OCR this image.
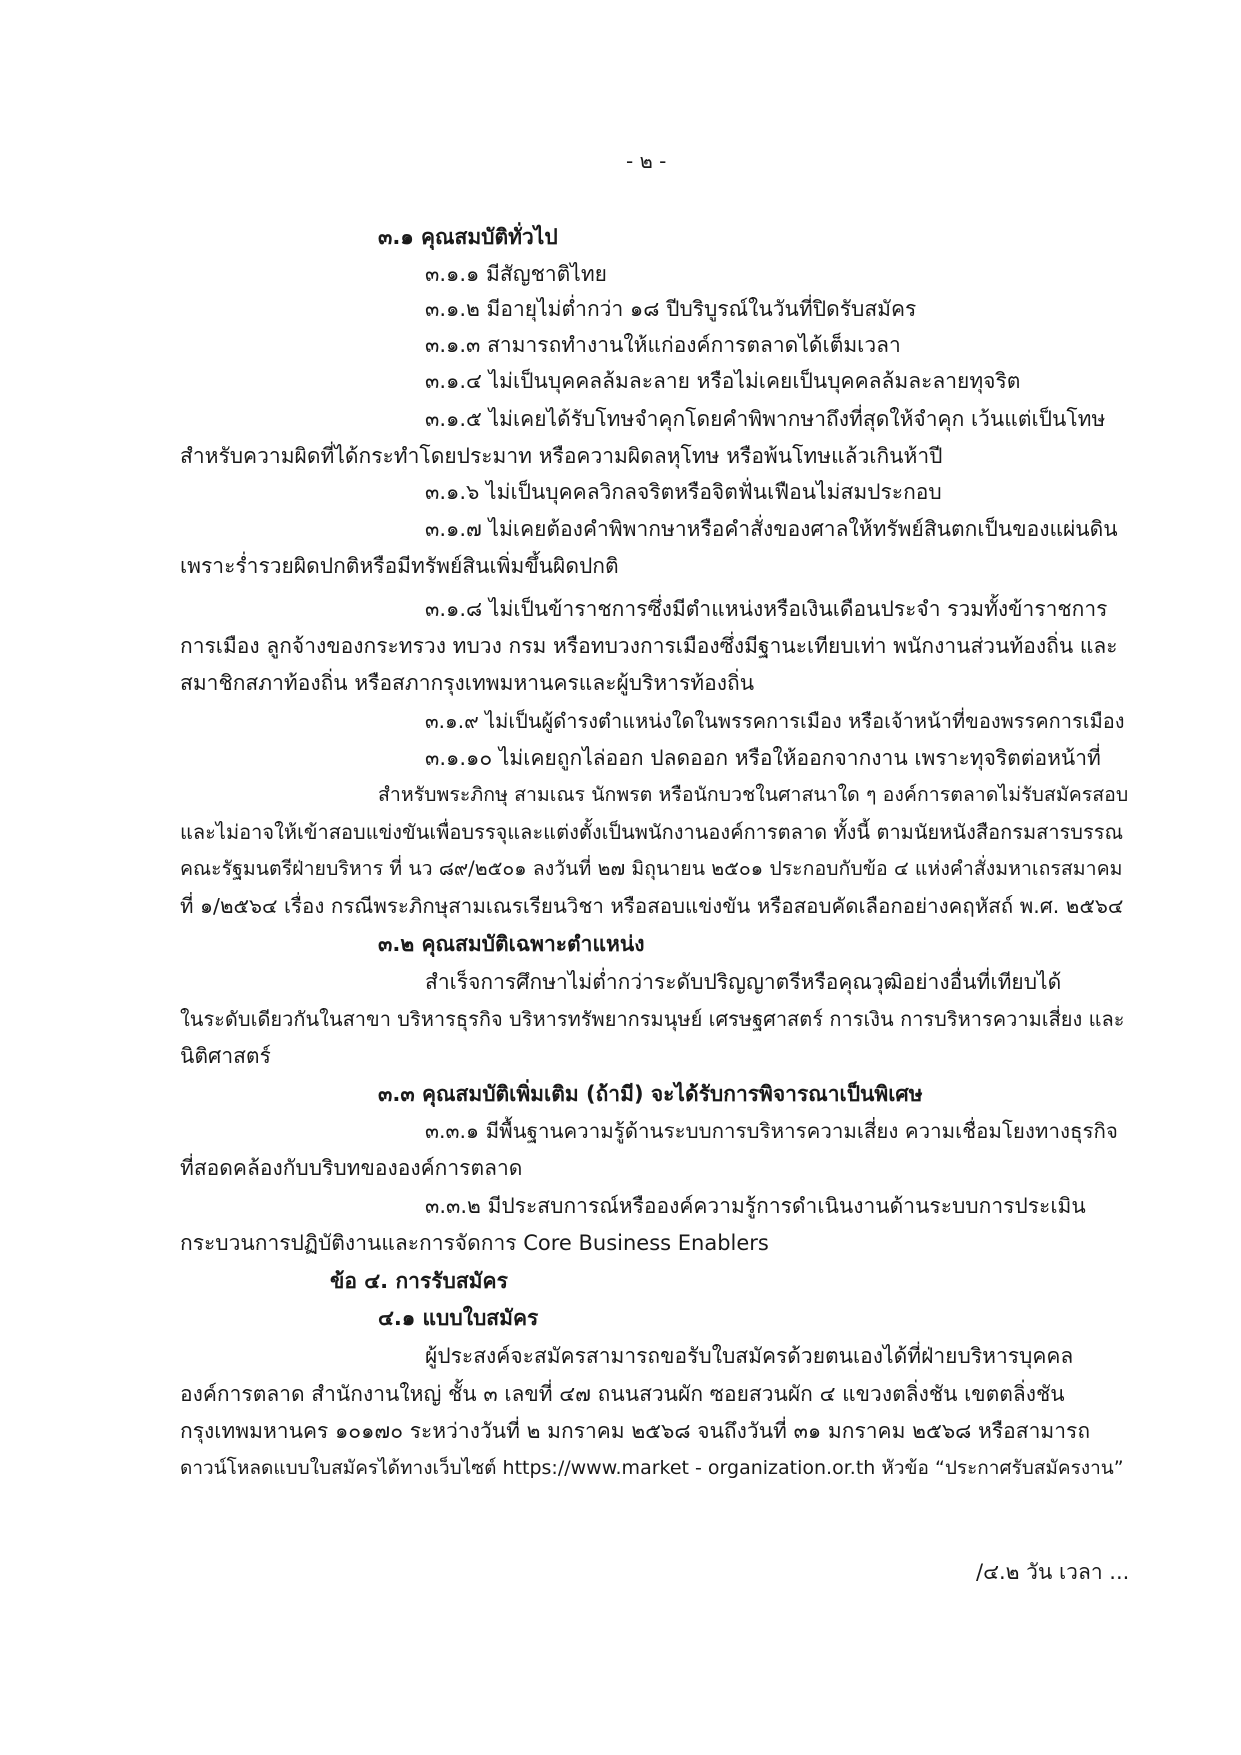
- ๒ -
๓.๑ คุณสมบัติทั่วไป
๓.๑.๑ มีสัญชาติไทย
๓.๑.๒ มีอายุไม่ต่ำกว่า ๑๘ ปีบริบูรณ์ในวันที่ปิดรับสมัคร
๓.๑.๓ สามารถทำงานให้แก่องค์การตลาดได้เต็มเวลา
๓.๑.๔ ไม่เป็นบุคคลล้มละลาย หรือไม่เคยเป็นบุคคลล้มละลายทุจริต
๓.๑.๕ ไม่เคยได้รับโทษจำคุกโดยคำพิพากษาถึงที่สุดให้จำคุก เว้นแต่เป็นโทษ
สำหรับความผิดที่ได้กระทำโดยประมาท หรือความผิดลหุโทษ หรือพ้นโทษแล้วเกินห้าปี
๓.๑.๖ ไม่เป็นบุคคลวิกลจริตหรือจิตฟั่นเฟือนไม่สมประกอบ
๓.๑.๗ ไม่เคยต้องคำพิพากษาหรือคำสั่งของศาลให้ทรัพย์สินตกเป็นของแผ่นดิน
เพราะร่ำรวยผิดปกติหรือมีทรัพย์สินเพิ่มขึ้นผิดปกติ
๓.๑.๘ ไม่เป็นข้าราชการซึ่งมีตำแหน่งหรือเงินเดือนประจำ รวมทั้งข้าราชการ
การเมือง ลูกจ้างของกระทรวง ทบวง กรม หรือทบวงการเมืองซึ่งมีฐานะเทียบเท่า พนักงานส่วนท้องถิ่น และ
สมาชิกสภาท้องถิ่น หรือสภากรุงเทพมหานครและผู้บริหารท้องถิ่น
๓.๑.๙ ไม่เป็นผู้ดำรงตำแหน่งใดในพรรคการเมือง หรือเจ้าหน้าที่ของพรรคการเมือง
๓.๑.๑๐ ไม่เคยถูกไล่ออก ปลดออก หรือให้ออกจากงาน เพราะทุจริตต่อหน้าที่
สำหรับพระภิกษุ สามเณร นักพรต หรือนักบวชในศาสนาใด ๆ องค์การตลาดไม่รับสมัครสอบ
และไม่อาจให้เข้าสอบแข่งขันเพื่อบรรจุและแต่งตั้งเป็นพนักงานองค์การตลาด ทั้งนี้ ตามนัยหนังสือกรมสารบรรณ
คณะรัฐมนตรีฝ่ายบริหาร ที่ นว ๘๙/๒๕๐๑ ลงวันที่ ๒๗ มิถุนายน ๒๕๐๑ ประกอบกับข้อ ๔ แห่งคำสั่งมหาเถรสมาคม
ที่ ๑/๒๕๖๔ เรื่อง กรณีพระภิกษุสามเณรเรียนวิชา หรือสอบแข่งขัน หรือสอบคัดเลือกอย่างคฤหัสถ์ พ.ศ. ๒๕๖๔
๓.๒ คุณสมบัติเฉพาะตำแหน่ง
สำเร็จการศึกษาไม่ต่ำกว่าระดับปริญญาตรีหรือคุณวุฒิอย่างอื่นที่เทียบได้
ในระดับเดียวกันในสาขา บริหารธุรกิจ บริหารทรัพยากรมนุษย์ เศรษฐศาสตร์ การเงิน การบริหารความเสี่ยง และ
นิติศาสตร์
๓.๓ คุณสมบัติเพิ่มเติม (ถ้ามี) จะได้รับการพิจารณาเป็นพิเศษ
๓.๓.๑ มีพื้นฐานความรู้ด้านระบบการบริหารความเสี่ยง ความเชื่อมโยงทางธุรกิจ
ที่สอดคล้องกับบริบทขององค์การตลาด
๓.๓.๒ มีประสบการณ์หรือองค์ความรู้การดำเนินงานด้านระบบการประเมิน
กระบวนการปฏิบัติงานและการจัดการ Core Business Enablers
ข้อ ๔. การรับสมัคร
๔.๑ แบบใบสมัคร
ผู้ประสงค์จะสมัครสามารถขอรับใบสมัครด้วยตนเองได้ที่ฝ่ายบริหารบุคคล
องค์การตลาด สำนักงานใหญ่ ชั้น ๓ เลขที่ ๔๗ ถนนสวนผัก ซอยสวนผัก ๔ แขวงตลิ่งชัน เขตตลิ่งชัน
กรุงเทพมหานคร ๑๐๑๗๐ ระหว่างวันที่ ๒ มกราคม ๒๕๖๘ จนถึงวันที่ ๓๑ มกราคม ๒๕๖๘ หรือสามารถ
ดาวน์โหลดแบบใบสมัครได้ทางเว็บไซต์ https://www.market - organization.or.th หัวข้อ “ประกาศรับสมัครงาน”
/๔.๒ วัน เวลา ...
